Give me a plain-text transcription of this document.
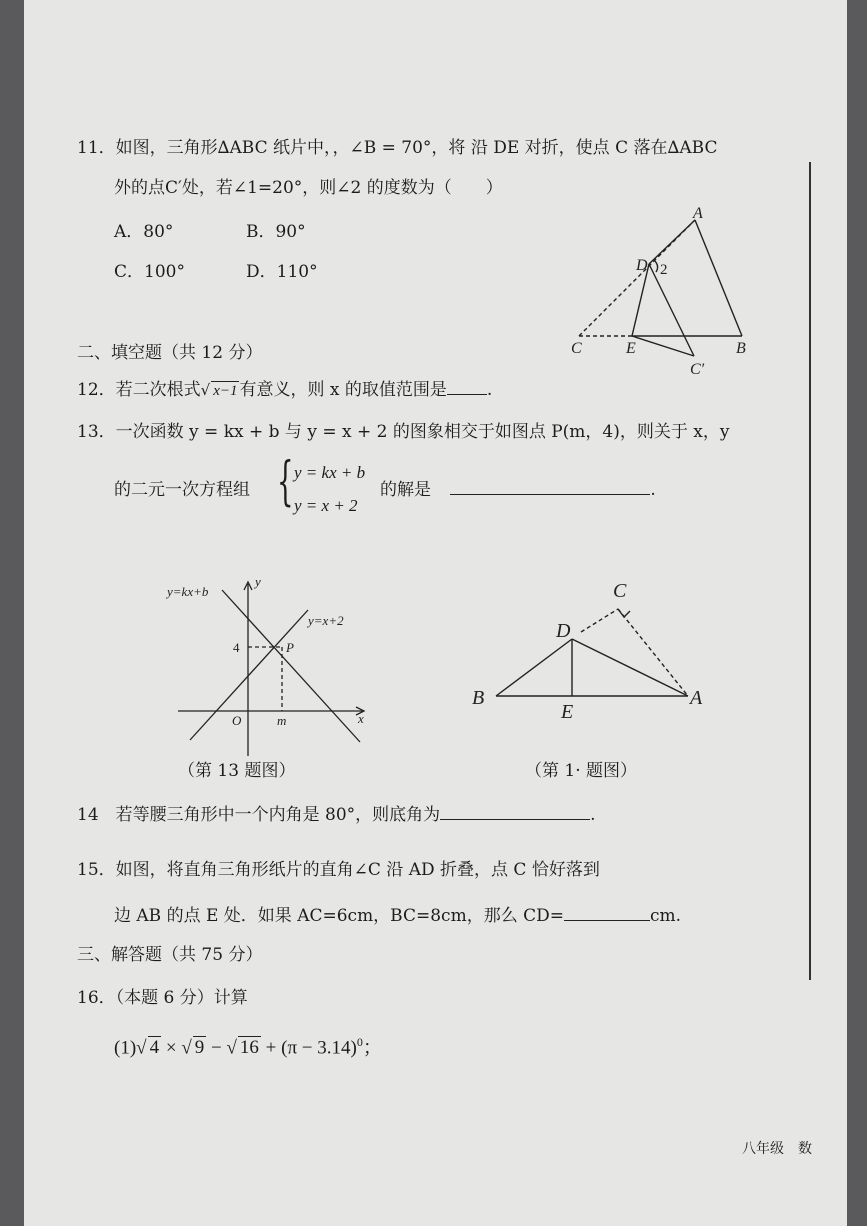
11．如图，三角形∆ABC 纸片中，，∠B = 70°，将 沿 DE 对折，使点 C 落在∆ABC
外的点C′处，若∠1=20°，则∠2 的度数为（　　）
A．80°	B．90°
C．100°	D．110°
A
D
C	E	B
C′
2
二、填空题（共 12 分）
12．若二次根式√ x−1 有意义，则 x 的取值范围是 .
13．一次函数 y = kx + b 与 y = x + 2 的图象相交于如图点 P(m，4)，则关于 x，y
的二元一次方程组 { y = kx + b
y = x + 2
的解是	.
y=kx+b
y
y=x+2
4	P
O	m	x
（第 13 题图）
C
D
B
E
A
（第 1· 题图）
14　若等腰三角形中一个内角是 80°，则底角为	.
15．如图，将直角三角形纸片的直角∠C 沿 AD 折叠，点 C 恰好落到
边 AB 的点 E 处．如果 AC=6cm，BC=8cm，那么 CD=	cm.
三、解答题（共 75 分）
16．（本题 6 分）计算
(1)√ 4 × √ 9 − √ $16 + (\pi - 3.14)^0$；
八年级 数
